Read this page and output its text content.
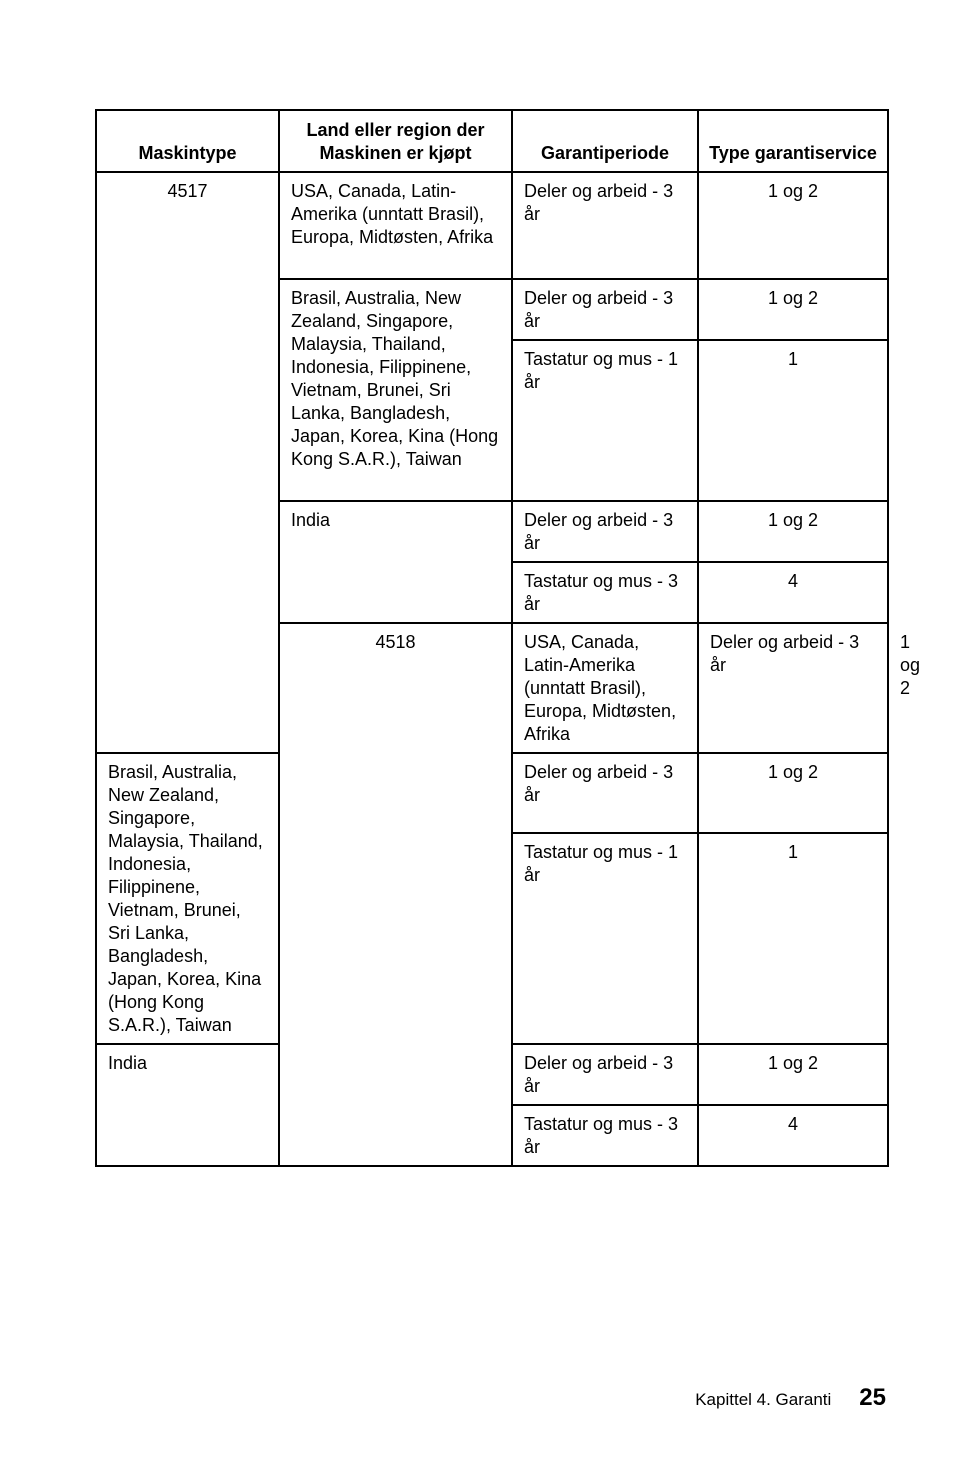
Maskintype	Land eller region der Maskinen er kjøpt	Garantiperiode	Type garantiservice	
4517	USA, Canada, Latin-Amerika (unntatt Brasil), Europa, Midtøsten, Afrika	Deler og arbeid - 3 år	1 og 2	
	Brasil, Australia, New Zealand, Singapore, Malaysia, Thailand, Indonesia, Filippinene, Vietnam, Brunei, Sri Lanka, Bangladesh, Japan, Korea, Kina (Hong Kong S.A.R.), Taiwan	Deler og arbeid - 3 år	1 og 2	
		Tastatur og mus - 1 år	1	
	India	Deler og arbeid - 3 år	1 og 2	
		Tastatur og mus - 3 år	4	
	4518	USA, Canada, Latin-Amerika (unntatt Brasil), Europa, Midtøsten, Afrika	Deler og arbeid - 3 år	1 og 2
Brasil, Australia, New Zealand, Singapore, Malaysia, Thailand, Indonesia, Filippinene, Vietnam, Brunei, Sri Lanka, Bangladesh, Japan, Korea, Kina (Hong Kong S.A.R.), Taiwan		Deler og arbeid - 3 år	1 og 2	
		Tastatur og mus - 1 år	1	
India		Deler og arbeid - 3 år	1 og 2	
		Tastatur og mus - 3 år	4	
Kapittel 4. Garanti 25
